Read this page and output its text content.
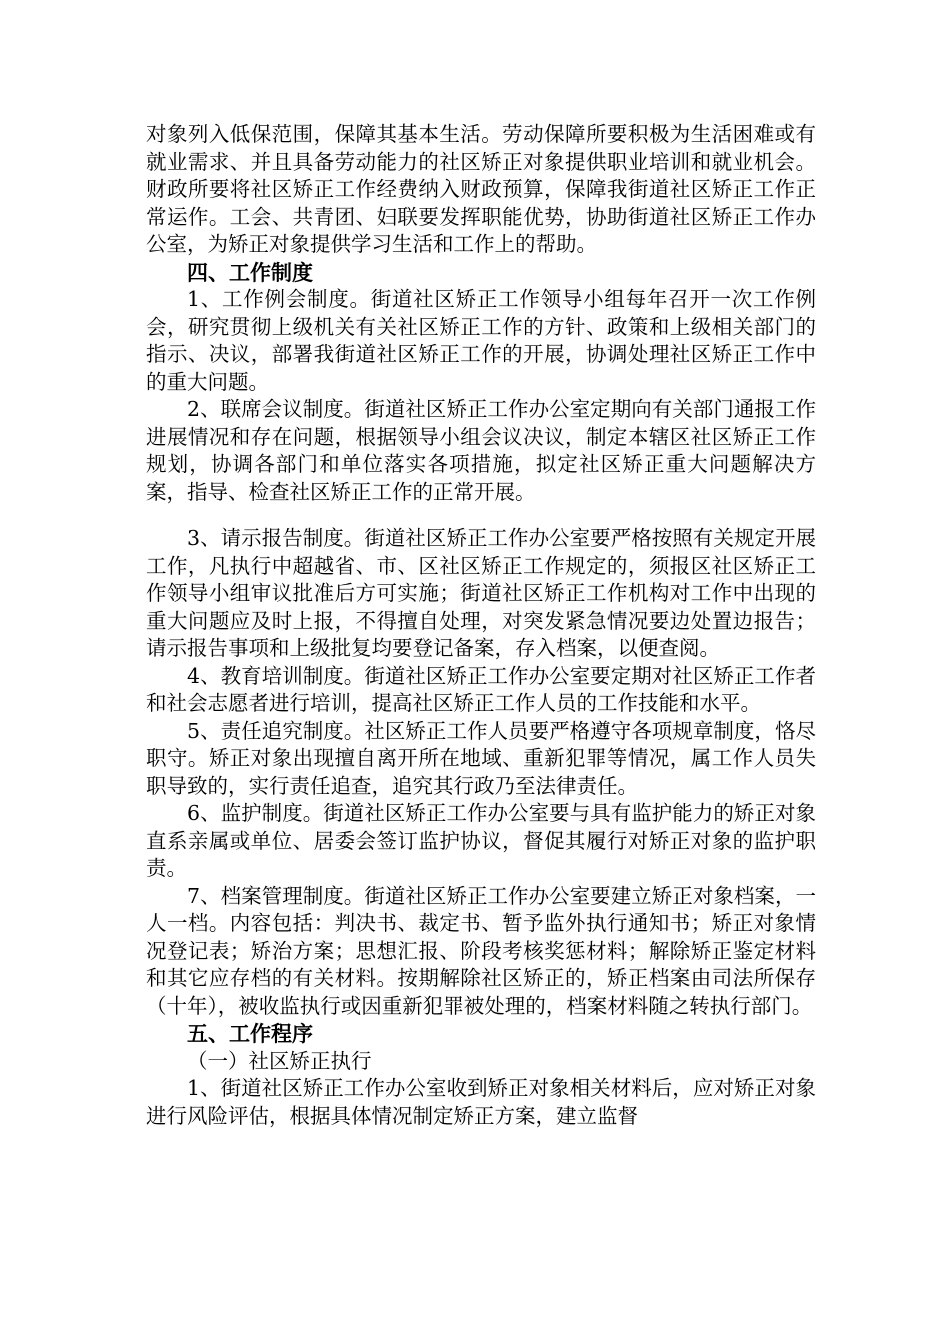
对象列入低保范围，保障其基本生活。劳动保障所要积极为生活困难或有就业需求、并且具备劳动能力的社区矫正对象提供职业培训和就业机会。财政所要将社区矫正工作经费纳入财政预算，保障我街道社区矫正工作正常运作。工会、共青团、妇联要发挥职能优势，协助街道社区矫正工作办公室，为矫正对象提供学习生活和工作上的帮助。

四、工作制度

1、工作例会制度。街道社区矫正工作领导小组每年召开一次工作例会，研究贯彻上级机关有关社区矫正工作的方针、政策和上级相关部门的指示、决议，部署我街道社区矫正工作的开展，协调处理社区矫正工作中的重大问题。

2、联席会议制度。街道社区矫正工作办公室定期向有关部门通报工作进展情况和存在问题，根据领导小组会议决议，制定本辖区社区矫正工作规划，协调各部门和单位落实各项措施，拟定社区矫正重大问题解决方案，指导、检查社区矫正工作的正常开展。

3、请示报告制度。街道社区矫正工作办公室要严格按照有关规定开展工作，凡执行中超越省、市、区社区矫正工作规定的，须报区社区矫正工作领导小组审议批准后方可实施；街道社区矫正工作机构对工作中出现的重大问题应及时上报，不得擅自处理，对突发紧急情况要边处置边报告；请示报告事项和上级批复均要登记备案，存入档案，以便查阅。

4、教育培训制度。街道社区矫正工作办公室要定期对社区矫正工作者和社会志愿者进行培训，提高社区矫正工作人员的工作技能和水平。

5、责任追究制度。社区矫正工作人员要严格遵守各项规章制度，恪尽职守。矫正对象出现擅自离开所在地域、重新犯罪等情况，属工作人员失职导致的，实行责任追查，追究其行政乃至法律责任。

6、监护制度。街道社区矫正工作办公室要与具有监护能力的矫正对象直系亲属或单位、居委会签订监护协议，督促其履行对矫正对象的监护职责。

7、档案管理制度。街道社区矫正工作办公室要建立矫正对象档案，一人一档。内容包括：判决书、裁定书、暂予监外执行通知书；矫正对象情况登记表；矫治方案；思想汇报、阶段考核奖惩材料；解除矫正鉴定材料和其它应存档的有关材料。按期解除社区矫正的，矫正档案由司法所保存（十年），被收监执行或因重新犯罪被处理的，档案材料随之转执行部门。

五、工作程序

（一）社区矫正执行

1、街道社区矫正工作办公室收到矫正对象相关材料后，应对矫正对象进行风险评估，根据具体情况制定矫正方案，建立监督
